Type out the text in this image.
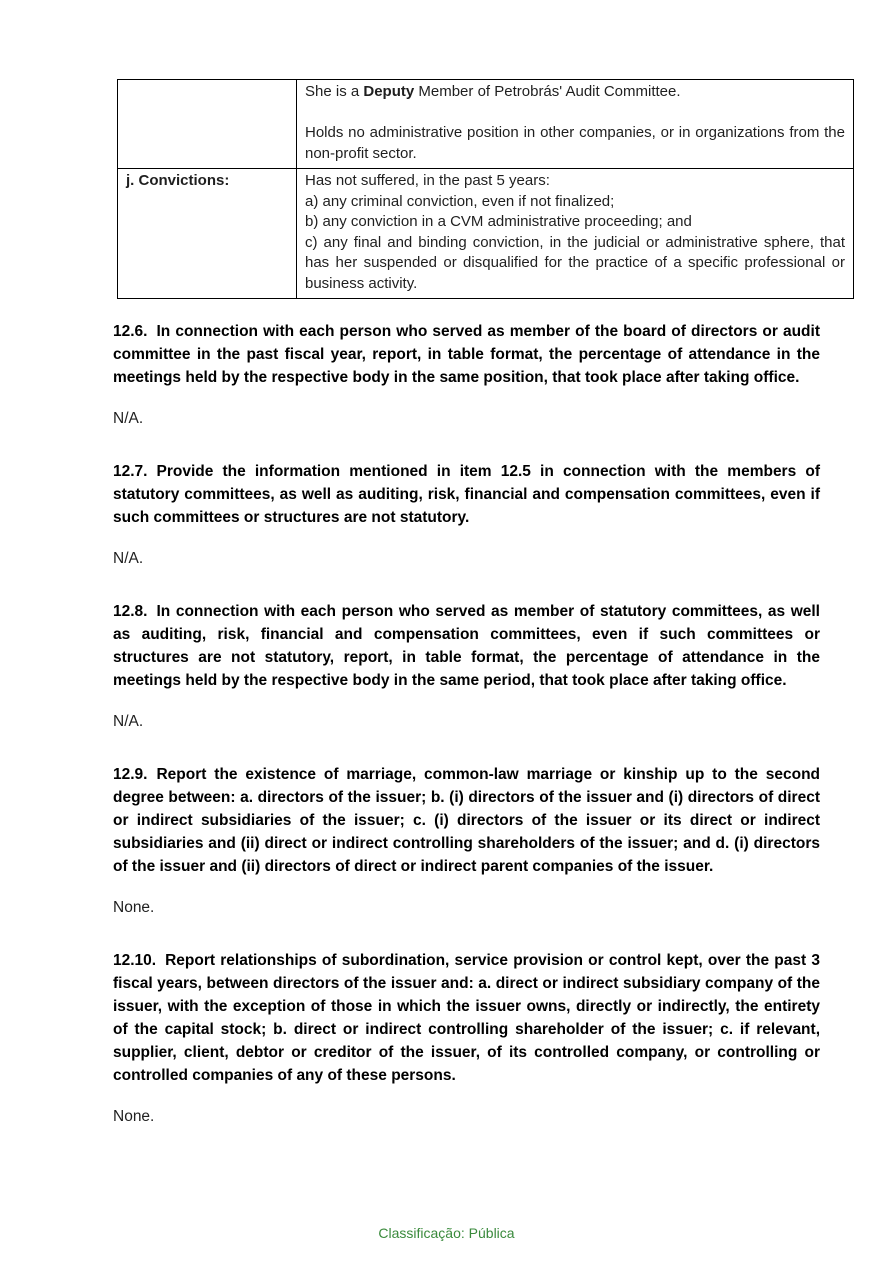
	She is a Deputy Member of Petrobrás' Audit Committee.
Holds no administrative position in other companies, or in organizations from the non-profit sector.

j. Convictions:	Has not suffered, in the past 5 years:
a) any criminal conviction, even if not finalized;
b) any conviction in a CVM administrative proceeding; and
c) any final and binding conviction, in the judicial or administrative sphere, that has her suspended or disqualified for the practice of a specific professional or business activity.

12.6. In connection with each person who served as member of the board of directors or audit committee in the past fiscal year, report, in table format, the percentage of attendance in the meetings held by the respective body in the same position, that took place after taking office.

N/A.

12.7. Provide the information mentioned in item 12.5 in connection with the members of statutory committees, as well as auditing, risk, financial and compensation committees, even if such committees or structures are not statutory.

N/A.

12.8. In connection with each person who served as member of statutory committees, as well as auditing, risk, financial and compensation committees, even if such committees or structures are not statutory, report, in table format, the percentage of attendance in the meetings held by the respective body in the same period, that took place after taking office.

N/A.

12.9. Report the existence of marriage, common-law marriage or kinship up to the second degree between: a. directors of the issuer; b. (i) directors of the issuer and (i) directors of direct or indirect subsidiaries of the issuer; c. (i) directors of the issuer or its direct or indirect subsidiaries and (ii) direct or indirect controlling shareholders of the issuer; and d. (i) directors of the issuer and (ii) directors of direct or indirect parent companies of the issuer.

None.

12.10. Report relationships of subordination, service provision or control kept, over the past 3 fiscal years, between directors of the issuer and: a. direct or indirect subsidiary company of the issuer, with the exception of those in which the issuer owns, directly or indirectly, the entirety of the capital stock; b. direct or indirect controlling shareholder of the issuer; c. if relevant, supplier, client, debtor or creditor of the issuer, of its controlled company, or controlling or controlled companies of any of these persons.

None.

Classificação: Pública
